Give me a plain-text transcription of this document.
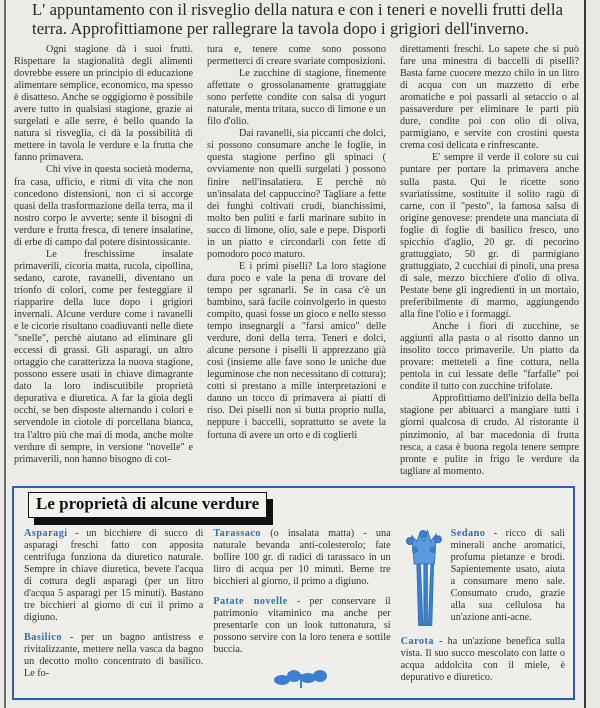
L' appuntamento con il risveglio della natura e con i teneri e novelli frutti della terra. Approfittiamone per rallegrare la tavola dopo i grigiori dell'inverno.

Ogni stagione dà i suoi frutti. Rispettare la stagionalità degli alimenti dovrebbe essere un principio di educazione alimentare semplice, economico, ma spesso è disatteso. Anche se oggigiorno è possibile avere tutto in qualsiasi stagione, grazie ai surgelati e alle serre, è bello quando la natura si risveglia, ci dà la possibilità di mettere in tavola le verdure e la frutta che fanno primavera.

Chi vive in questa società moderna, fra casa, ufficio, e ritmi di vita che non concedono distensioni, non ci si accorge quasi della trasformazione della terra, ma il nostro corpo le avverte; sente il bisogni di verdure e frutta fresca, di tenere insalatine, di erbe di campo dal potere disintossicante.

Le freschissime insalate primaverili, cicoria matta, rucola, cipollina, sedano, carote, ravanelli, diventano un trionfo di colori, come per festeggiare il riapparire della luce dopo i grigiori invernali. Alcune verdure come i ravanelli e le cicorie risultano coadiuvanti nelle diete "snelle", perchè aiutano ad eliminare gli eccessi di grassi. Gli asparagi, un altro ortaggio che caratterizza la nuova stagione, possono essere usati in chiave dimagrante dato la loro indiscutibile proprietà depurativa e diuretica. A far la gioia degli occhi, se ben disposte alternando i colori e servendole in ciotole di porcellana bianca, tra l'altro più che mai di moda, anche molte verdure di sempre, in versione "novelle" e primaverili, non hanno bisogno di cot-

tura e, tenere come sono possono permetterci di creare svariate composizioni.

Le zucchine di stagione, finemente affettate o grossolanamente grattuggiate sono perfette condite con salsa di yogurt naturale, menta tritata, succo di limone e un filo d'olio.

Dai ravanelli, sia piccanti che dolci, si possono consumare anche le foglie, in questa stagione perfino gli spinaci ( ovviamente non quelli surgelati ) possono finire nell'insalatiera. E perchè nò un'insalata del cappuccino? Tagliare a fette dei funghi coltivati crudi, bianchissimi, molto ben puliti e farli marinare subito in succo di limone, olio, sale e pepe. Disporli in un piatto e circondarli con fette di pomodoro poco maturo.

E i primi piselli? La loro stagione dura poco e vale la pena di trovare del tempo per sgranarli. Se in casa c'è un bambino, sarà facile coinvolgerlo in questo compito, quasi fosse un gioco e nello stesso tempo insegnargli a "farsi amico" delle verdure, doni della terra. Teneri e dolci, alcune persone i piselli li apprezzano già così (insieme alle fave sono le uniche due leguminose che non necessitano di cottura); cotti si prestano a mille interpretazioni e danno un tocco di primavera ai piatti di riso. Dei piselli non si butta proprio nulla, neppure i baccelli, soprattutto se avete la fortuna di avere un orto e di coglierli

direttamenti freschi. Lo sapete che si può fare una minestra di baccelli di piselli? Basta farne cuocere mezzo chilo in un litro di acqua con un mazzetto di erbe aromatiche e poi passarli al setaccio o al passaverdure per eliminare le parti più dure, condite poi con olio di oliva, parmigiano, e servite con crostini questa crema così delicata e rinfrescante.

E' sempre il verde il colore su cui puntare per portare la primavera anche sulla pasta. Quì le ricette sono svariatissime, sostituite il solito ragù di carne, con il "pesto", la famosa salsa di origine genovese: prendete una manciata di foglie di foglie di basilico fresco, uno spicchio d'aglio, 20 gr. di pecorino grattuggiato, 50 gr. di parmigiano grattuggiato, 2 cucchiai di pinoli, una presa di sale, mezzo bicchiere d'olio di oliva. Pestate bene gli ingredienti in un mortaio, preferibilmente di marmo, aggiungendo alla fine l'olio e i formaggi.

Anche i fiori di zucchine, se aggiunti alla pasta o al risotto danno un insolito tocco primaverile. Un piatto da provare: metteteli a fine cottura, nella pentola in cui lessate delle "farfalle" poi condite il tutto con zucchine trifolate.

Approfittiamo dell'inizio della bella stagione per abituarci a mangiare tutti i giorni qualcosa di crudo. Al ristorante il pinzimonio, al bar macedonia di frutta resca, a casa è buona regola tenere sempre pronte e pulite in frigo le verdure da tagliare al momento.

Le proprietà di alcune verdure
Asparagi - un bicchiere di succo di asparagi freschi fatto con apposita centrifuga funziona da diuretico naturale. Sempre in chiave diuretica, bevete l'acqua di cottura degli asparagi (per un litro d'acqua 5 asparagi per 15 minuti). Bastano tre bicchieri al giorno di cui il primo a digiuno.
Basilico - per un bagno antistress e rivitalizzante, mettere nella vasca da bagno un decotto molto concentrato di basilico. Le fo-
Tarassaco (o insalata matta) - una naturale bevanda anti-colesterolo; fate bollire 100 gr. di radici di tarassaco in un litro di acqua per 10 minuti. Berne tre bicchieri al giorno, il primo a digiuno.
Patate novelle - per conservare il patrimonio vitaminico ma anche per presentarle con un look tuttonatura, si possono servire con la loro tenera e sottile buccia.
Sedano - ricco di sali minerali anche aromatici, profuma pietanze e brodi. Sapientemente usato, aiuta a consumare meno sale. Consumato crudo, grazie alla sua cellulosa ha un'azione anti-acne.
Carota - ha un'azione benefica sulla vista. Il suo succo mescolato con latte o acqua addolcita con il miele, è depurativo e diuretico.
